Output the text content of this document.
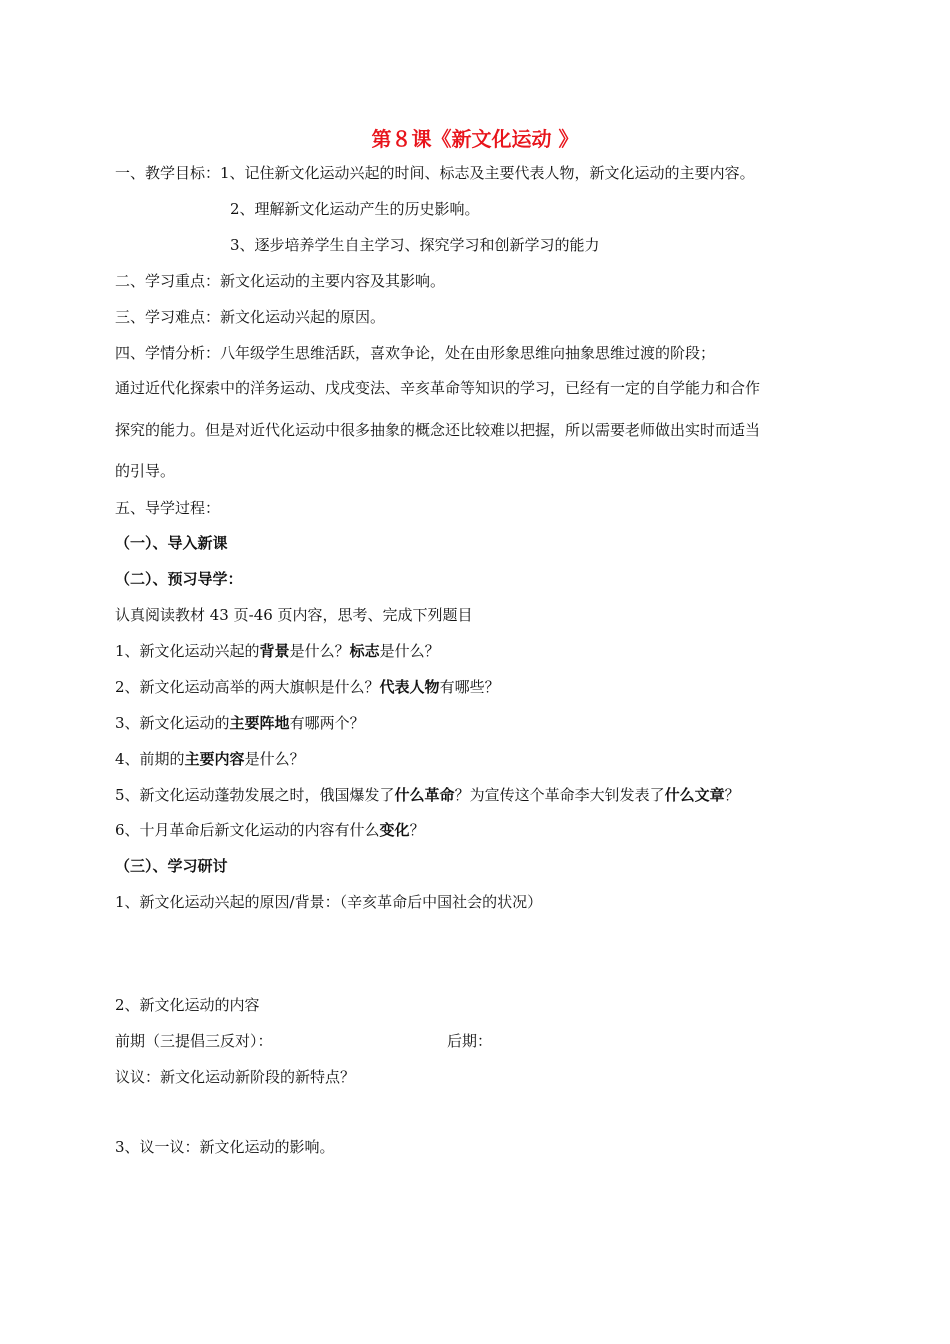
第８课《新文化运动 》
一、教学目标：1、记住新文化运动兴起的时间、标志及主要代表人物，新文化运动的主要内容。
2、理解新文化运动产生的历史影响。
3、逐步培养学生自主学习、探究学习和创新学习的能力
二、学习重点：新文化运动的主要内容及其影响。
三、学习难点：新文化运动兴起的原因。
四、学情分析：八年级学生思维活跃，喜欢争论，处在由形象思维向抽象思维过渡的阶段；
通过近代化探索中的洋务运动、戊戌变法、辛亥革命等知识的学习，已经有一定的自学能力和合作
探究的能力。但是对近代化运动中很多抽象的概念还比较难以把握，所以需要老师做出实时而适当
的引导。
五、导学过程：
（一）、导入新课
（二）、预习导学：
认真阅读教材 43 页-46 页内容，思考、完成下列题目
1、新文化运动兴起的背景是什么？标志是什么？
2、新文化运动高举的两大旗帜是什么？代表人物有哪些？
3、新文化运动的主要阵地有哪两个？
4、前期的主要内容是什么？
5、新文化运动蓬勃发展之时，俄国爆发了什么革命？为宣传这个革命李大钊发表了什么文章？
6、十月革命后新文化运动的内容有什么变化？
（三）、学习研讨
1、新文化运动兴起的原因/背景：（辛亥革命后中国社会的状况）
2、新文化运动的内容
前期（三提倡三反对）：	后期：
议议：新文化运动新阶段的新特点？
3、议一议：新文化运动的影响。
